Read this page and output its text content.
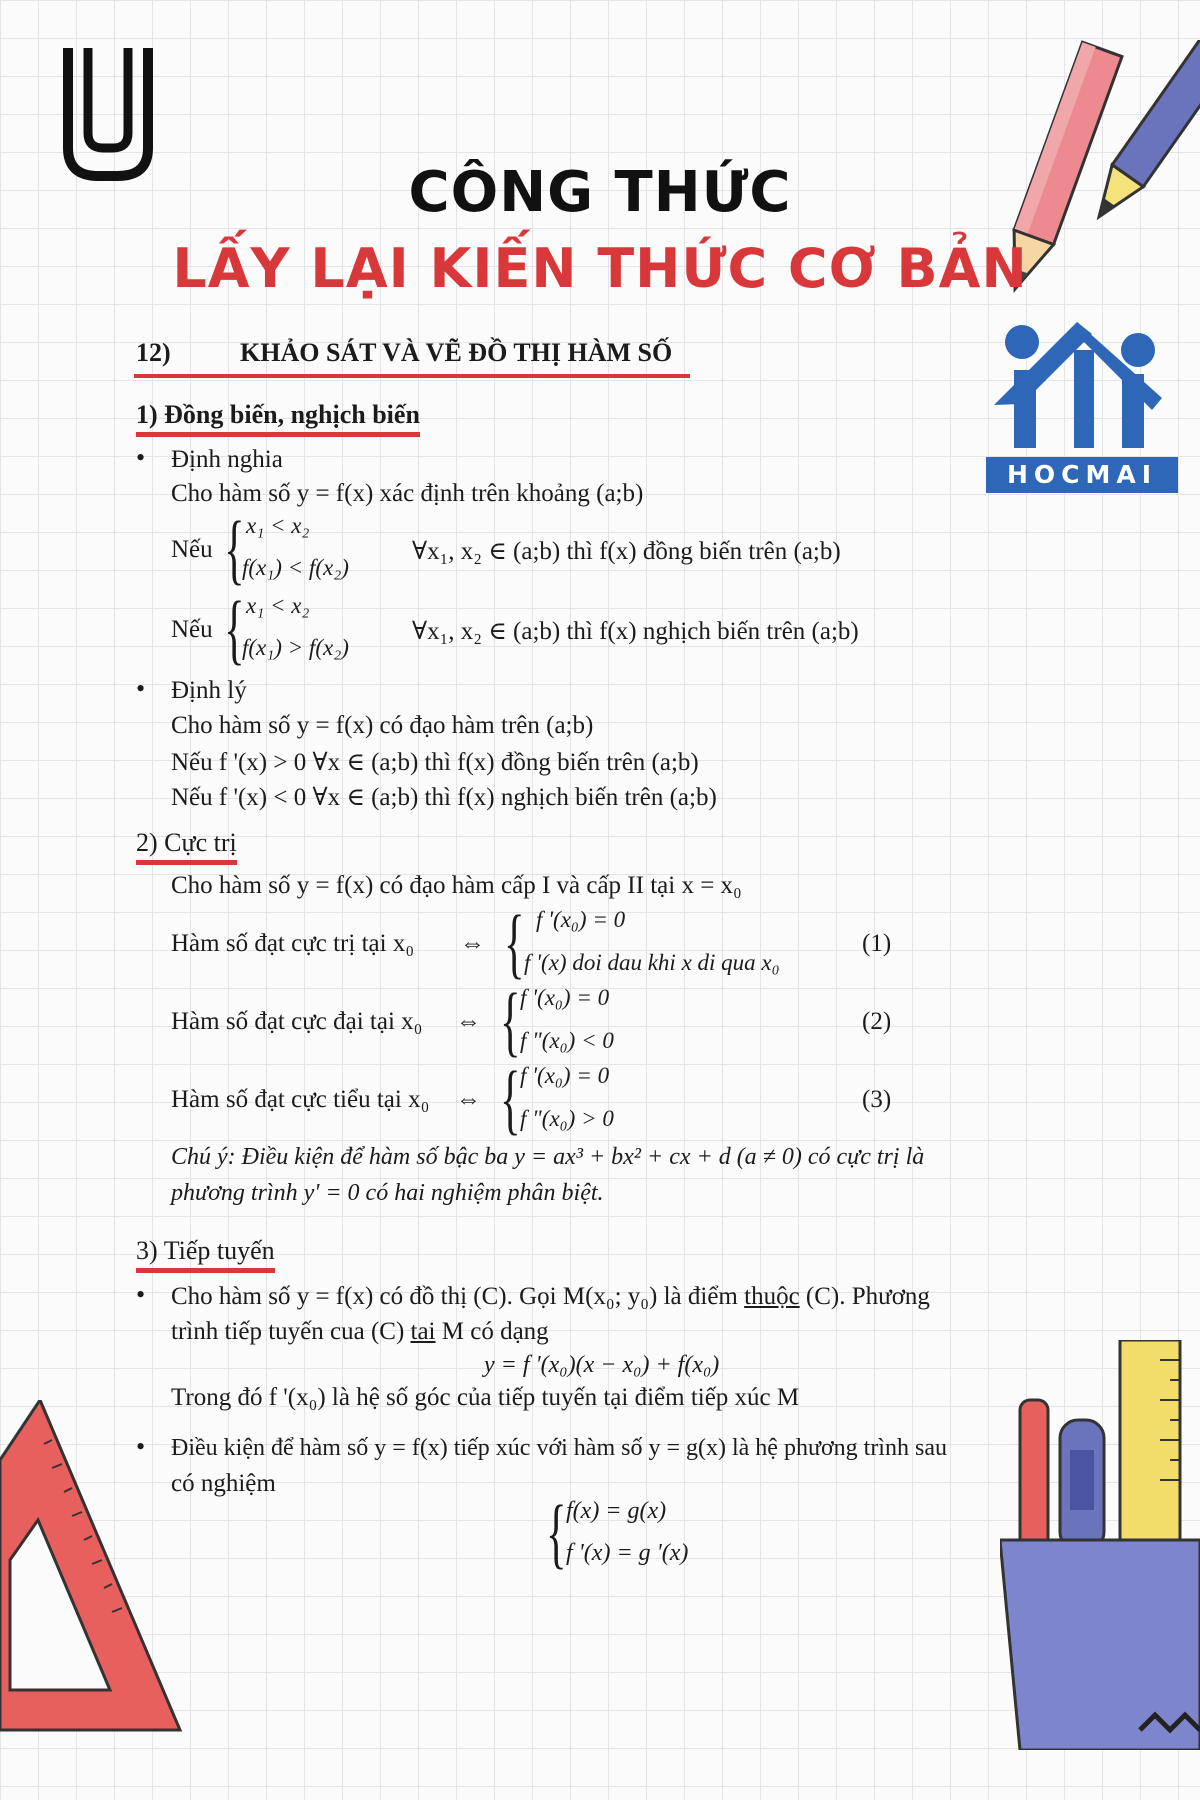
CÔNG THỨC
LẤY LẠI KIẾN THỨC CƠ BẢN
HOCMAI
12)	KHẢO SÁT VÀ VẼ ĐỒ THỊ HÀM SỐ
1) Đồng biến, nghịch biến
• Định nghia
Cho hàm số y = f(x) xác định trên khoảng (a;b)
Nếu { x₁ < x₂
f(x₁) < f(x₂)
∀x₁, x₂ ∈ (a;b) thì f(x) đồng biến trên (a;b)
Nếu { x₁ < x₂
f(x₁) > f(x₂)
∀x₁, x₂ ∈ (a;b) thì f(x) nghịch biến trên (a;b)
• Định lý
Cho hàm số y = f(x) có đạo hàm trên (a;b)
Nếu f '(x) > 0 ∀x ∈ (a;b) thì f(x) đồng biến trên (a;b)
Nếu f '(x) < 0 ∀x ∈ (a;b) thì f(x) nghịch biến trên (a;b)
2) Cực trị
Cho hàm số y = f(x) có đạo hàm cấp I và cấp II tại x = x₀
Hàm số đạt cực trị tại x₀ ⇔ { f '(x₀) = 0
f '(x) doi dau khi x di qua x₀
(1)
Hàm số đạt cực đại tại x₀ ⇔ { f '(x₀) = 0
f "(x₀) < 0
(2)
Hàm số đạt cực tiểu tại x₀ ⇔ { f '(x₀) = 0
f "(x₀) > 0
(3)
Chú ý: Điều kiện để hàm số bậc ba y = ax³ + bx² + cx + d (a ≠ 0) có cực trị là
phương trình y' = 0 có hai nghiệm phân biệt.
3) Tiếp tuyến
• Cho hàm số y = f(x) có đồ thị (C). Gọi M(x₀; y₀) là điểm thuộc (C). Phương
trình tiếp tuyến cua (C) tai M có dạng
y = f '(x₀)(x − x₀) + f(x₀)
Trong đó f '(x₀) là hệ số góc của tiếp tuyến tại điểm tiếp xúc M
• Điều kiện để hàm số y = f(x) tiếp xúc với hàm số y = g(x) là hệ phương trình sau
có nghiệm
{ f(x) = g(x)
f '(x) = g '(x)
